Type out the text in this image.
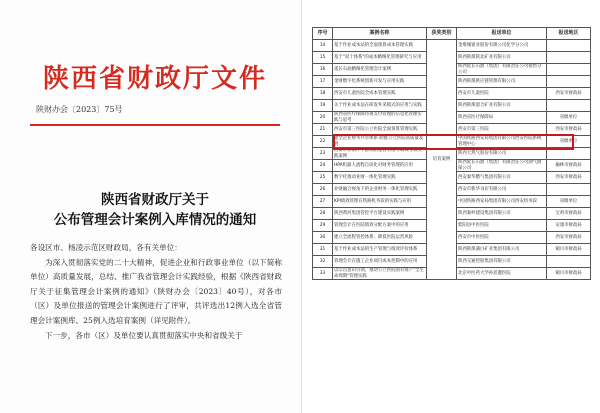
陕西省财政厅文件
陕财办会〔2023〕75号
陕西省财政厅关于
公布管理会计案例入库情况的通知

各设区市、杨凌示范区财政局，各有关单位：

为深入贯彻落实党的二十大精神，促进企业和行政事业单位（以下简称单位）高质量发展，总结、推广我省管理会计实践经验，根据《陕西省财政厅关于征集管理会计案例的通知》（陕财办会〔2023〕40号），对各市（区）及单位报送的管理会计案例进行了评审，共评选出12例入选全省管理会计案例库、25例入选培育案例（详见附件）。

下一步，各市（区）及单位要认真贯彻落实中央和省级关于

序号	案例名称	获奖类别	报送单位	报送地区
14	基于作业成本法的全面预算成本管理实践	培育案例	金堆城钼业股份有限公司化学分公司	
15	基于"双十体系"的成本精细化管理研究与应用		陕西陕煤陕北矿业有限公司	
16	延长石油精细化管理会计案例		陕西延长石油（集团）有限责任公司销售分公司	
17	金财数字化系统创新开发与应用实践		陕西陕煤供应链管理有限公司	
18	西安市儿童医院全成本管理实践		西安市儿童医院	西安市财政局
19	关于作业成本法在研发外采模式的应用与实践		陕西陕煤澄合矿业有限公司	
20	陕西省医疗保障待遇支付管理的信息化管理实践与思考		陕西省医疗保障局	省级单位
21	西安市第三医院公立医院全面预算管理实践		西安市第三医院	西安市财政局
22	健全企业财务共享体系 助推公立医院高质量发展		中国铁路西安局集团有限公司西安医院系统管理中心	省级单位
23	西安市东南片下游铁路运营管理与绩效考核实践案例		陕西天然气股份有限公司	
24	HPA机器人流程自动化对财务管理的应用		陕西延长石油（集团）有限责任公司油气勘探公司	榆林市财政局
25	数字化推动业财一体化管理实践		西安秦华燃气集团有限公司	西安市财政局
26	业财融合视角下的企业财务一体化管理实践		西安市新华书店有限公司	
27	KPI绩效管理在铁路机务段的实践与应用		中国铁路西安局集团有限公司西安机务段	省级单位
28	陕西黄河集团管控平台建设实践案例		陕西秦岭建设集团有限公司	宝鸡市财政局
29	管理会计在医院绩效分配方案中的应用		紫阳县中医医院	安康市财政局
30	建立全流程管控体系，降低医院运营风险		西安市中医医院	西安市财政局
31	基于作业成本法的生产管理与绩效评价体系		陕西陕煤蒲白矿业集团有限公司	铜川市财政局
32	管理会计在施工企业项目成本控制中的应用		陕西交通控股集团有限公司	
33	以宗旨意识引领，推动公立医院国有资产"全生命周期"管理实践		北京中医药大学孙思邈医院	铜川市财政局
